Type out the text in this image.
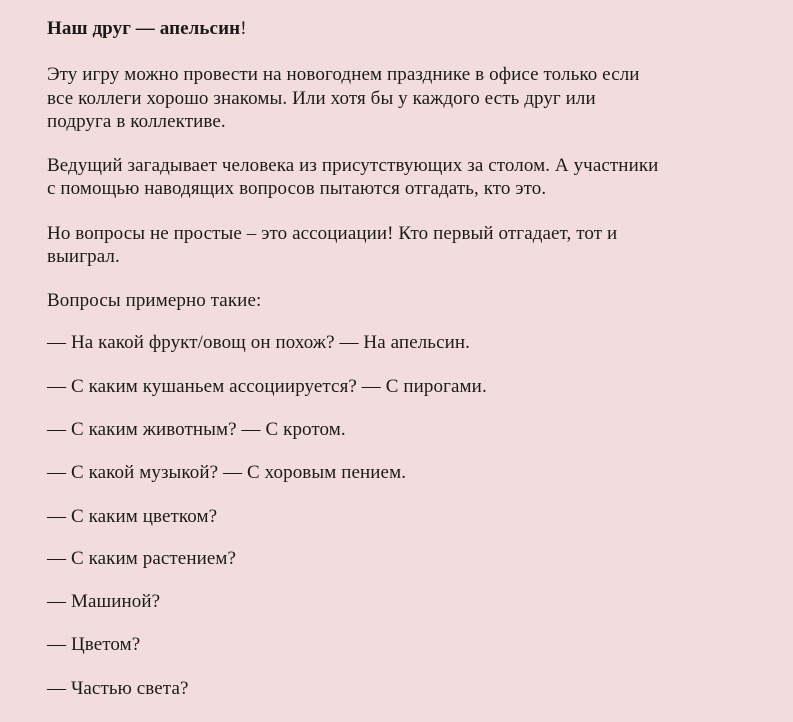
Наш друг — апельсин!

Эту игру можно провести на новогоднем празднике в офисе только если

все коллеги хорошо знакомы. Или хотя бы у каждого есть друг или

подруга в коллективе.

Ведущий загадывает человека из присутствующих за столом. А участники

с помощью наводящих вопросов пытаются отгадать, кто это.

Но вопросы не простые – это ассоциации! Кто первый отгадает, тот и

выиграл.

Вопросы примерно такие:

— На какой фрукт/овощ он похож? — На апельсин.

— С каким кушаньем ассоциируется? — С пирогами.

— С каким животным? — С кротом.

— С какой музыкой? — С хоровым пением.

— С каким цветком?

— С каким растением?

— Машиной?

— Цветом?

— Частью света?
